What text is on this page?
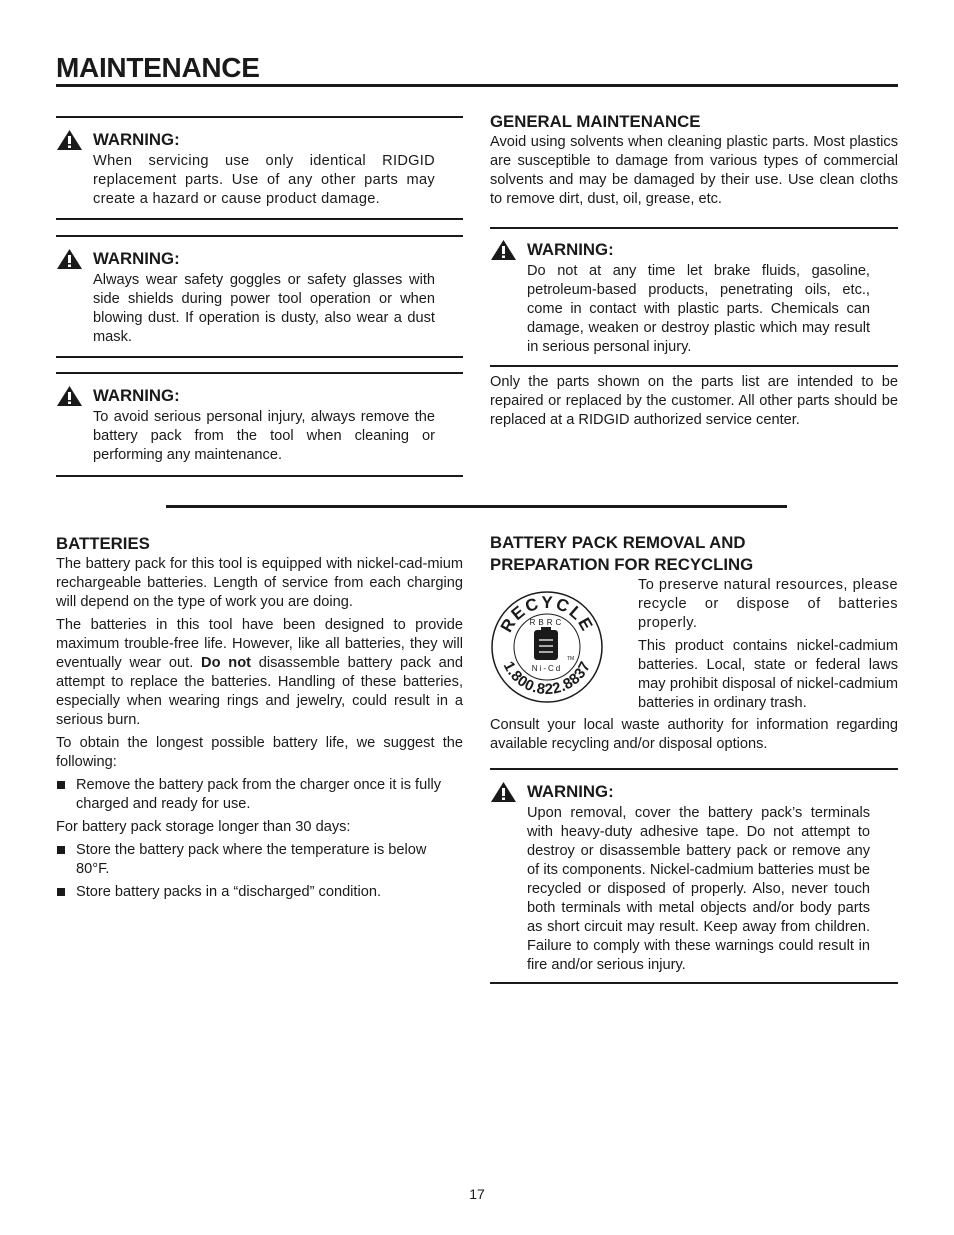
MAINTENANCE
WARNING:
When servicing use only identical RIDGID replacement parts. Use of any other parts may create a hazard or cause product damage.
WARNING:
Always wear safety goggles or safety glasses with side shields during power tool operation or when blowing dust. If operation is dusty, also wear a dust mask.
WARNING:
To avoid serious personal injury, always remove the battery pack from the tool when cleaning or performing any maintenance.
GENERAL MAINTENANCE

Avoid using solvents when cleaning plastic parts. Most plastics are susceptible to damage from various types of commercial solvents and may be damaged by their use. Use clean cloths to remove dirt, dust, oil, grease, etc.

WARNING:
Do not at any time let brake fluids, gasoline, petroleum-based products, penetrating oils, etc., come in contact with plastic parts. Chemicals can damage, weaken or destroy plastic which may result in serious personal injury.

Only the parts shown on the parts list are intended to be repaired or replaced by the customer. All other parts should be replaced at a RIDGID authorized service center.

BATTERIES

The battery pack for this tool is equipped with nickel-cad-mium rechargeable batteries. Length of service from each charging will depend on the type of work you are doing.

The batteries in this tool have been designed to provide maximum trouble-free life. However, like all batteries, they will eventually wear out. Do not disassemble battery pack and attempt to replace the batteries. Handling of these batteries, especially when wearing rings and jewelry, could result in a serious burn.

To obtain the longest possible battery life, we suggest the following:

Remove the battery pack from the charger once it is fully charged and ready for use.

For battery pack storage longer than 30 days:

Store the battery pack where the temperature is below 80°F.
Store battery packs in a “discharged” condition.
BATTERY PACK REMOVAL AND
PREPARATION FOR RECYCLING
RECYCLE
RBRC
Ni-Cd
TM
1.800.822.8837

To preserve natural resources, please recycle or dispose of batteries properly.

This product contains nickel-cadmium batteries. Local, state or federal laws may prohibit disposal of nickel-cadmium batteries in ordinary trash.

Consult your local waste authority for information regarding available recycling and/or disposal options.

WARNING:
Upon removal, cover the battery pack’s terminals with heavy-duty adhesive tape. Do not attempt to destroy or disassemble battery pack or remove any of its components. Nickel-cadmium batteries must be recycled or disposed of properly. Also, never touch both terminals with metal objects and/or body parts as short circuit may result. Keep away from children. Failure to comply with these warnings could result in fire and/or serious injury.
17
